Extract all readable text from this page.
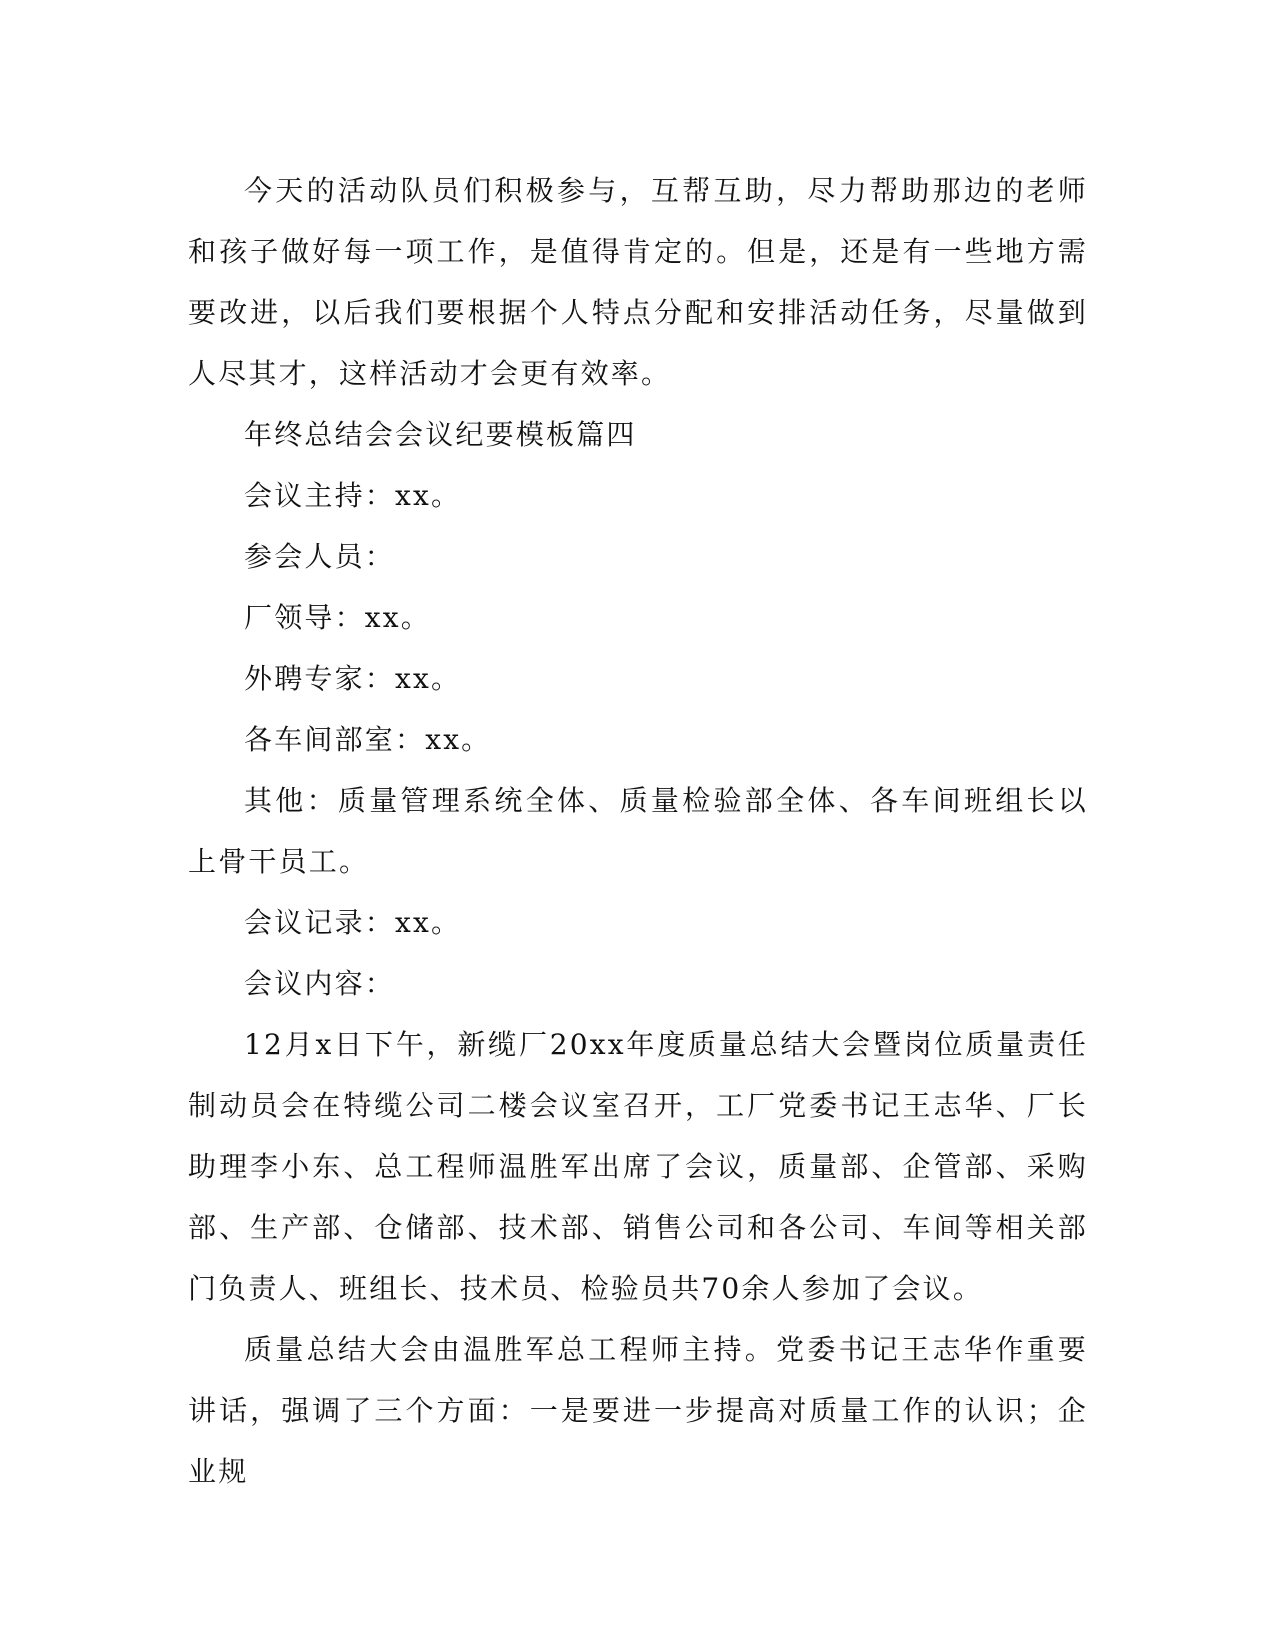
今天的活动队员们积极参与，互帮互助，尽力帮助那边的老师和孩子做好每一项工作，是值得肯定的。但是，还是有一些地方需要改进，以后我们要根据个人特点分配和安排活动任务，尽量做到人尽其才，这样活动才会更有效率。

年终总结会会议纪要模板篇四

会议主持：xx。

参会人员：

厂领导：xx。

外聘专家：xx。

各车间部室：xx。

其他：质量管理系统全体、质量检验部全体、各车间班组长以上骨干员工。

会议记录：xx。

会议内容：

12月x日下午，新缆厂20xx年度质量总结大会暨岗位质量责任制动员会在特缆公司二楼会议室召开，工厂党委书记王志华、厂长助理李小东、总工程师温胜军出席了会议，质量部、企管部、采购部、生产部、仓储部、技术部、销售公司和各公司、车间等相关部门负责人、班组长、技术员、检验员共70余人参加了会议。

质量总结大会由温胜军总工程师主持。党委书记王志华作重要讲话，强调了三个方面：一是要进一步提高对质量工作的认识；企业规
